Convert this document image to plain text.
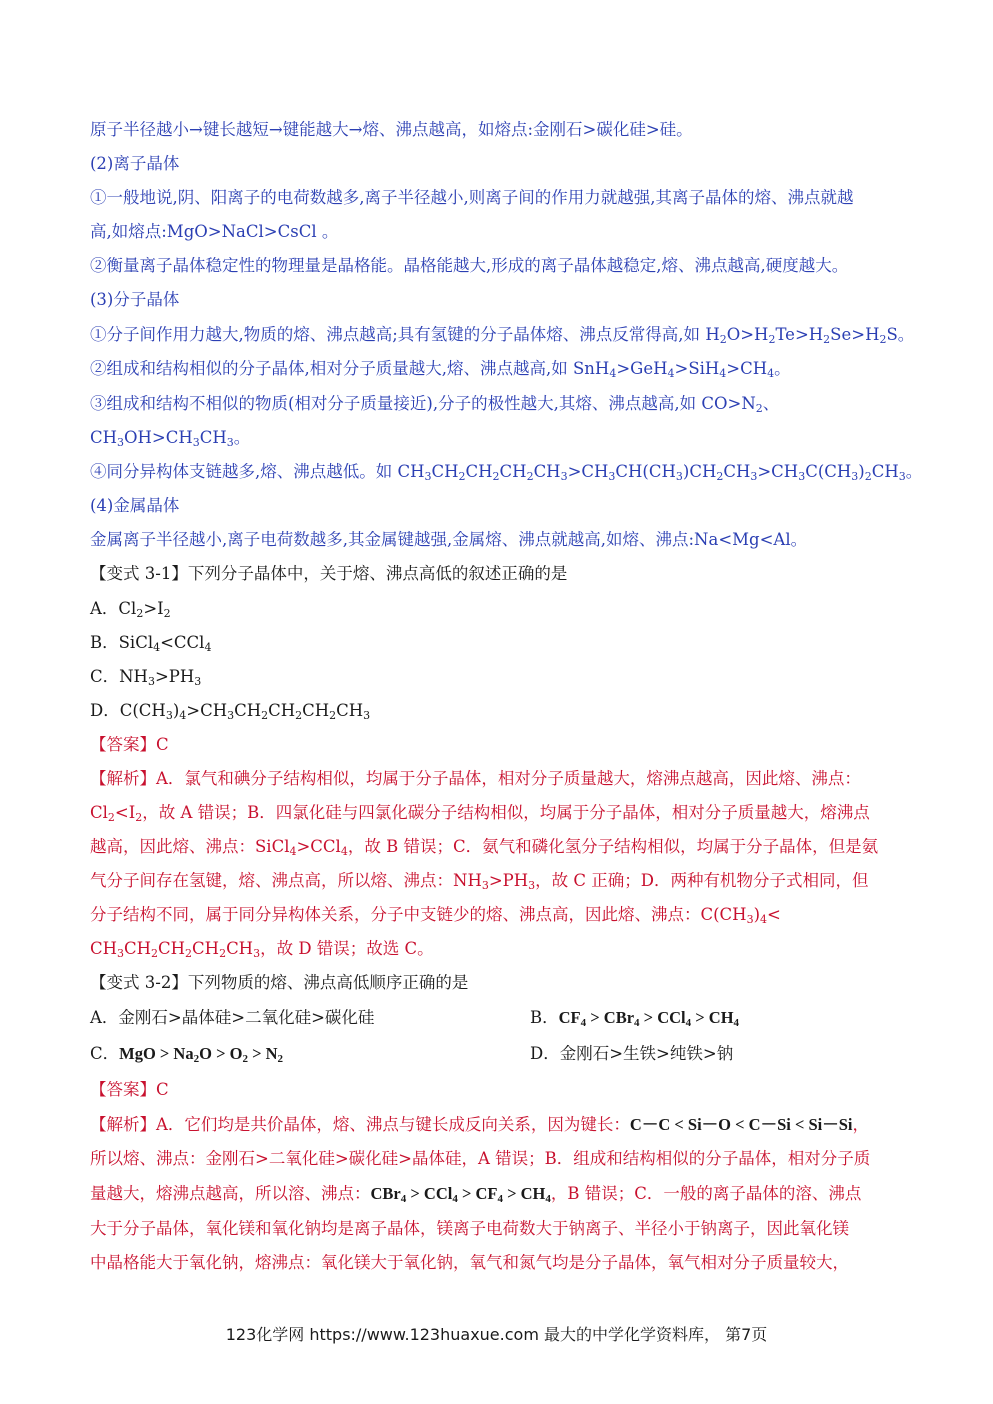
原子半径越小→键长越短→键能越大→熔、沸点越高，如熔点:金刚石>碳化硅>硅。
(2)离子晶体
①一般地说,阴、阳离子的电荷数越多,离子半径越小,则离子间的作用力就越强,其离子晶体的熔、沸点就越
高,如熔点:MgO>NaCl>CsCl 。
②衡量离子晶体稳定性的物理量是晶格能。晶格能越大,形成的离子晶体越稳定,熔、沸点越高,硬度越大。
(3)分子晶体
①分子间作用力越大,物质的熔、沸点越高;具有氢键的分子晶体熔、沸点反常得高,如 $H_2O>H_2Te>H_2Se>H_2S$。
②组成和结构相似的分子晶体,相对分子质量越大,熔、沸点越高,如 $SnH_4>GeH_4>SiH_4>CH_4$。
③组成和结构不相似的物质(相对分子质量接近),分子的极性越大,其熔、沸点越高,如 $CO>N_2$、
$CH_3OH>CH_3CH_3$。
④同分异构体支链越多,熔、沸点越低。如 $CH_3CH_2CH_2CH_2CH_3>CH_3CH(CH_3)CH_2CH_3>CH_3C(CH_3)_2CH_3$。
(4)金属晶体
金属离子半径越小,离子电荷数越多,其金属键越强,金属熔、沸点就越高,如熔、沸点:Na<Mg<Al。
【变式 3-1】下列分子晶体中，关于熔、沸点高低的叙述正确的是
A．$Cl_2>I_2$
B．SiCl$_4$<CCl$_4$
C．$NH_3>PH_3$
D．$C(CH_3)_4>CH_3CH_2CH_2CH_2CH_3$
【答案】C
【解析】A．氯气和碘分子结构相似，均属于分子晶体，相对分子质量越大，熔沸点越高，因此熔、沸点：
$Cl_2<I_2$，故 A 错误；B．四氯化硅与四氯化碳分子结构相似，均属于分子晶体，相对分子质量越大，熔沸点
越高，因此熔、沸点：SiCl$_4$>CCl$_4$，故 B 错误；C．氨气和磷化氢分子结构相似，均属于分子晶体，但是氨
气分子间存在氢键，熔、沸点高，所以熔、沸点：$NH_3>PH_3$，故 C 正确；D．两种有机物分子式相同，但
分子结构不同，属于同分异构体关系，分子中支链少的熔、沸点高，因此熔、沸点：$C(CH_3)_4<$
$CH_3CH_2CH_2CH_2CH_3$，故 D 错误；故选 C。
【变式 3-2】下列物质的熔、沸点高低顺序正确的是
A．金刚石>晶体硅>二氧化硅>碳化硅	B．$CF_4 > CBr_4 > CCl_4 > CH_4$
C．MgO > $Na_2O > O_2 > N_2$	D．金刚石>生铁>纯铁>钠
【答案】C
【解析】A．它们均是共价晶体，熔、沸点与键长成反向关系，因为键长：C－C < Si－O < C－Si < Si－Si，
所以熔、沸点：金刚石>二氧化硅>碳化硅>晶体硅，A 错误；B．组成和结构相似的分子晶体，相对分子质
量越大，熔沸点越高，所以溶、沸点：$CBr_4 > CCl_4 > CF_4 > CH_4$，B 错误；C．一般的离子晶体的溶、沸点
大于分子晶体，氧化镁和氧化钠均是离子晶体，镁离子电荷数大于钠离子、半径小于钠离子，因此氧化镁
中晶格能大于氧化钠，熔沸点：氧化镁大于氧化钠，氧气和氮气均是分子晶体，氧气相对分子质量较大，
123化学网 https://www.123huaxue.com 最大的中学化学资料库， 第7页
